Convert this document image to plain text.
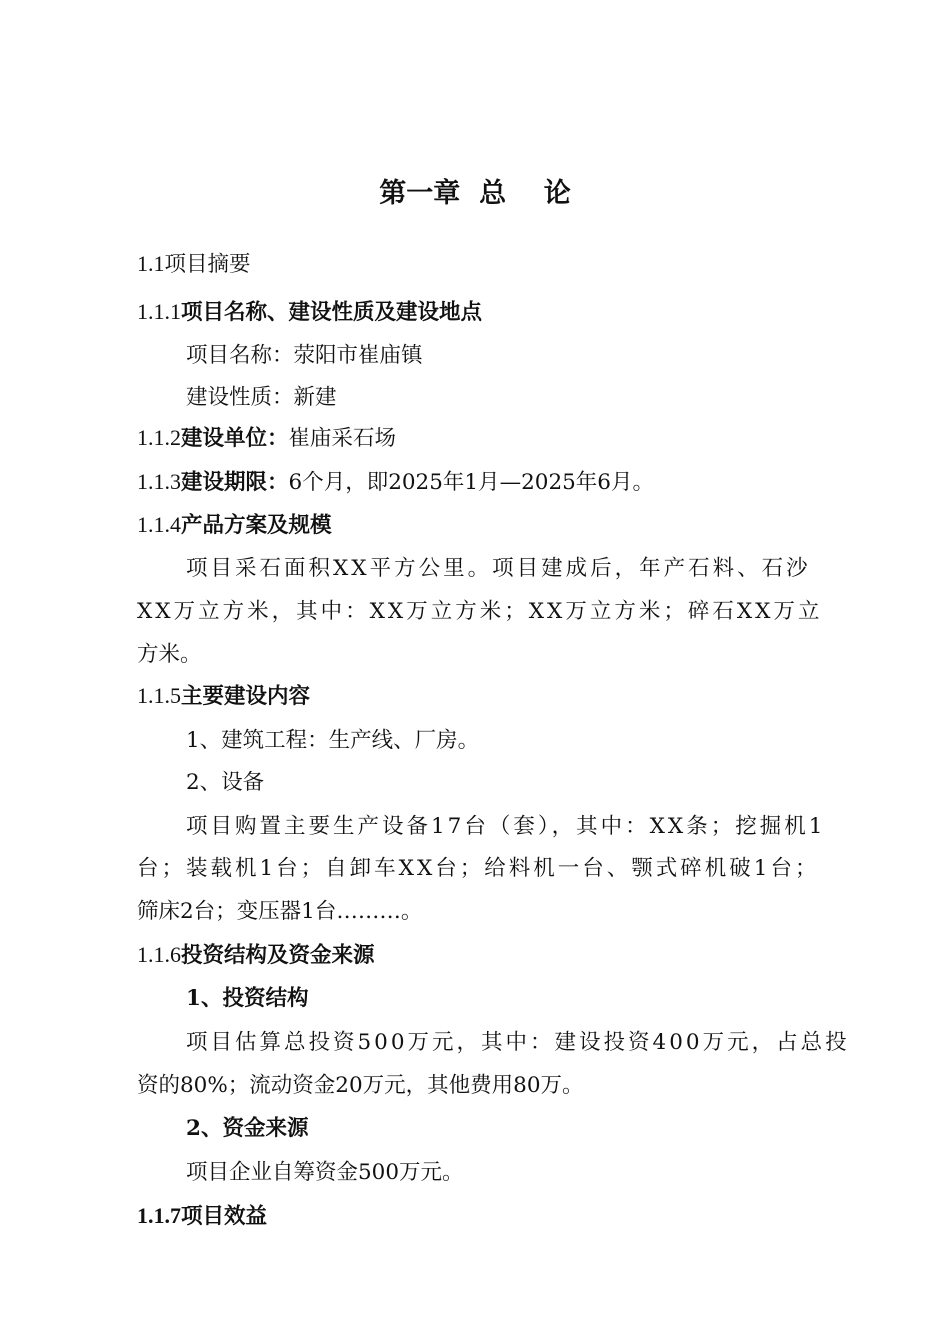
第一章  总    论
1.1项目摘要
1.1.1项目名称、建设性质及建设地点
项目名称：荥阳市崔庙镇
建设性质：新建
1.1.2建设单位：崔庙采石场
1.1.3建设期限：6个月，即2025年1月—2025年6月。
1.1.4产品方案及规模
项目采石面积XX平方公里。项目建成后，年产石料、石沙
XX万立方米，其中：XX万立方米；XX万立方米；碎石XX万立
方米。
1.1.5主要建设内容
1、建筑工程：生产线、厂房。
2、设备
项目购置主要生产设备17台（套），其中：XX条；挖掘机1
台；装载机1台；自卸车XX台；给料机一台、颚式碎机破1台；
筛床2台；变压器1台………。
1.1.6投资结构及资金来源
1、投资结构
项目估算总投资500万元，其中：建设投资400万元，占总投
资的80%；流动资金20万元，其他费用80万。
2、资金来源
项目企业自筹资金500万元。
1.1.7项目效益
